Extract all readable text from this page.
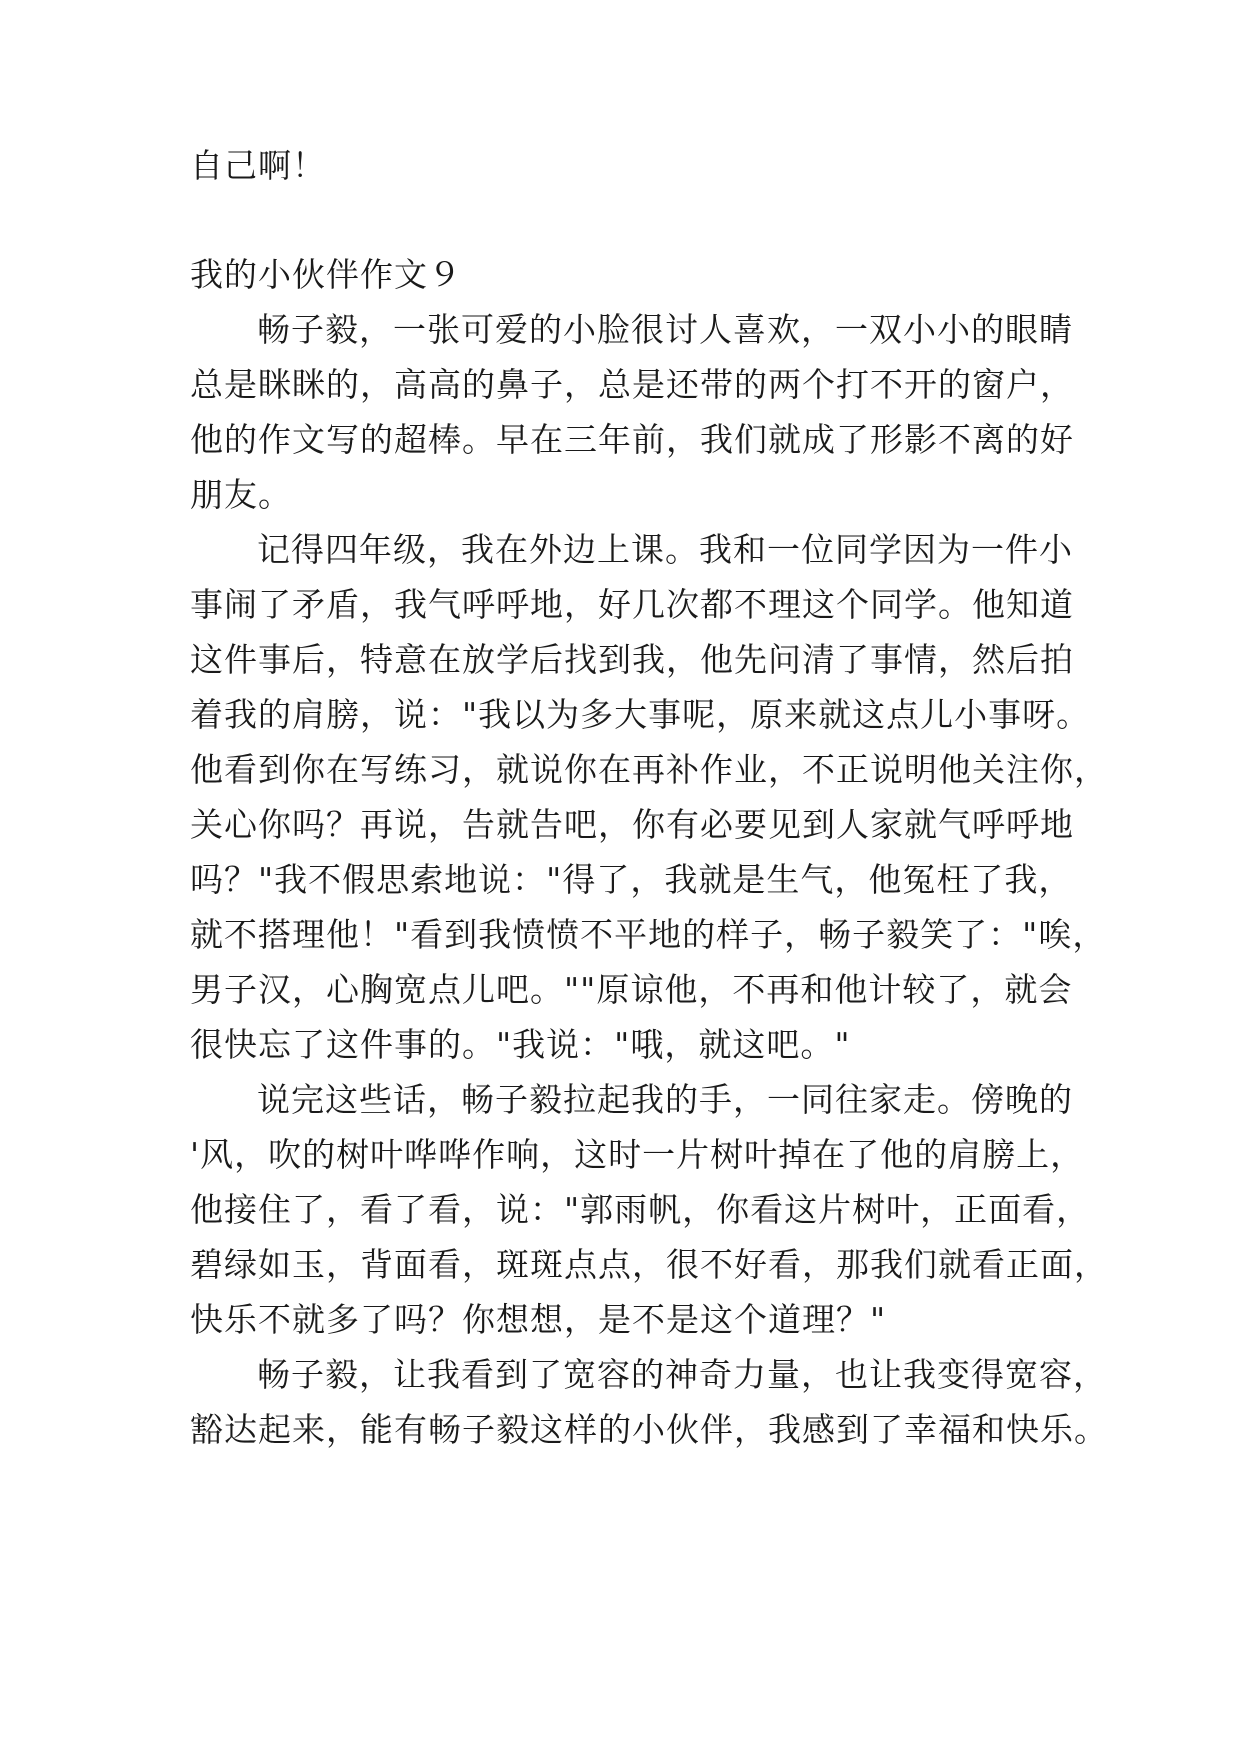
自己啊！
我的小伙伴作文９
畅子毅，一张可爱的小脸很讨人喜欢，一双小小的眼睛
总是眯眯的，高高的鼻子，总是还带的两个打不开的窗户，
他的作文写的超棒。早在三年前，我们就成了形影不离的好
朋友。
记得四年级，我在外边上课。我和一位同学因为一件小
事闹了矛盾，我气呼呼地，好几次都不理这个同学。他知道
这件事后，特意在放学后找到我，他先问清了事情，然后拍
着我的肩膀，说："我以为多大事呢，原来就这点儿小事呀。
他看到你在写练习，就说你在再补作业，不正说明他关注你，
关心你吗？再说，告就告吧，你有必要见到人家就气呼呼地
吗？"我不假思索地说："得了，我就是生气，他冤枉了我，
就不搭理他！"看到我愤愤不平地的样子，畅子毅笑了："唉，
男子汉，心胸宽点儿吧。""原谅他，不再和他计较了，就会
很快忘了这件事的。"我说："哦，就这吧。"
说完这些话，畅子毅拉起我的手，一同往家走。傍晚的
'风，吹的树叶哗哗作响，这时一片树叶掉在了他的肩膀上，
他接住了，看了看，说："郭雨帆，你看这片树叶，正面看，
碧绿如玉，背面看，斑斑点点，很不好看，那我们就看正面，
快乐不就多了吗？你想想，是不是这个道理？"
畅子毅，让我看到了宽容的神奇力量，也让我变得宽容，
豁达起来，能有畅子毅这样的小伙伴，我感到了幸福和快乐。
